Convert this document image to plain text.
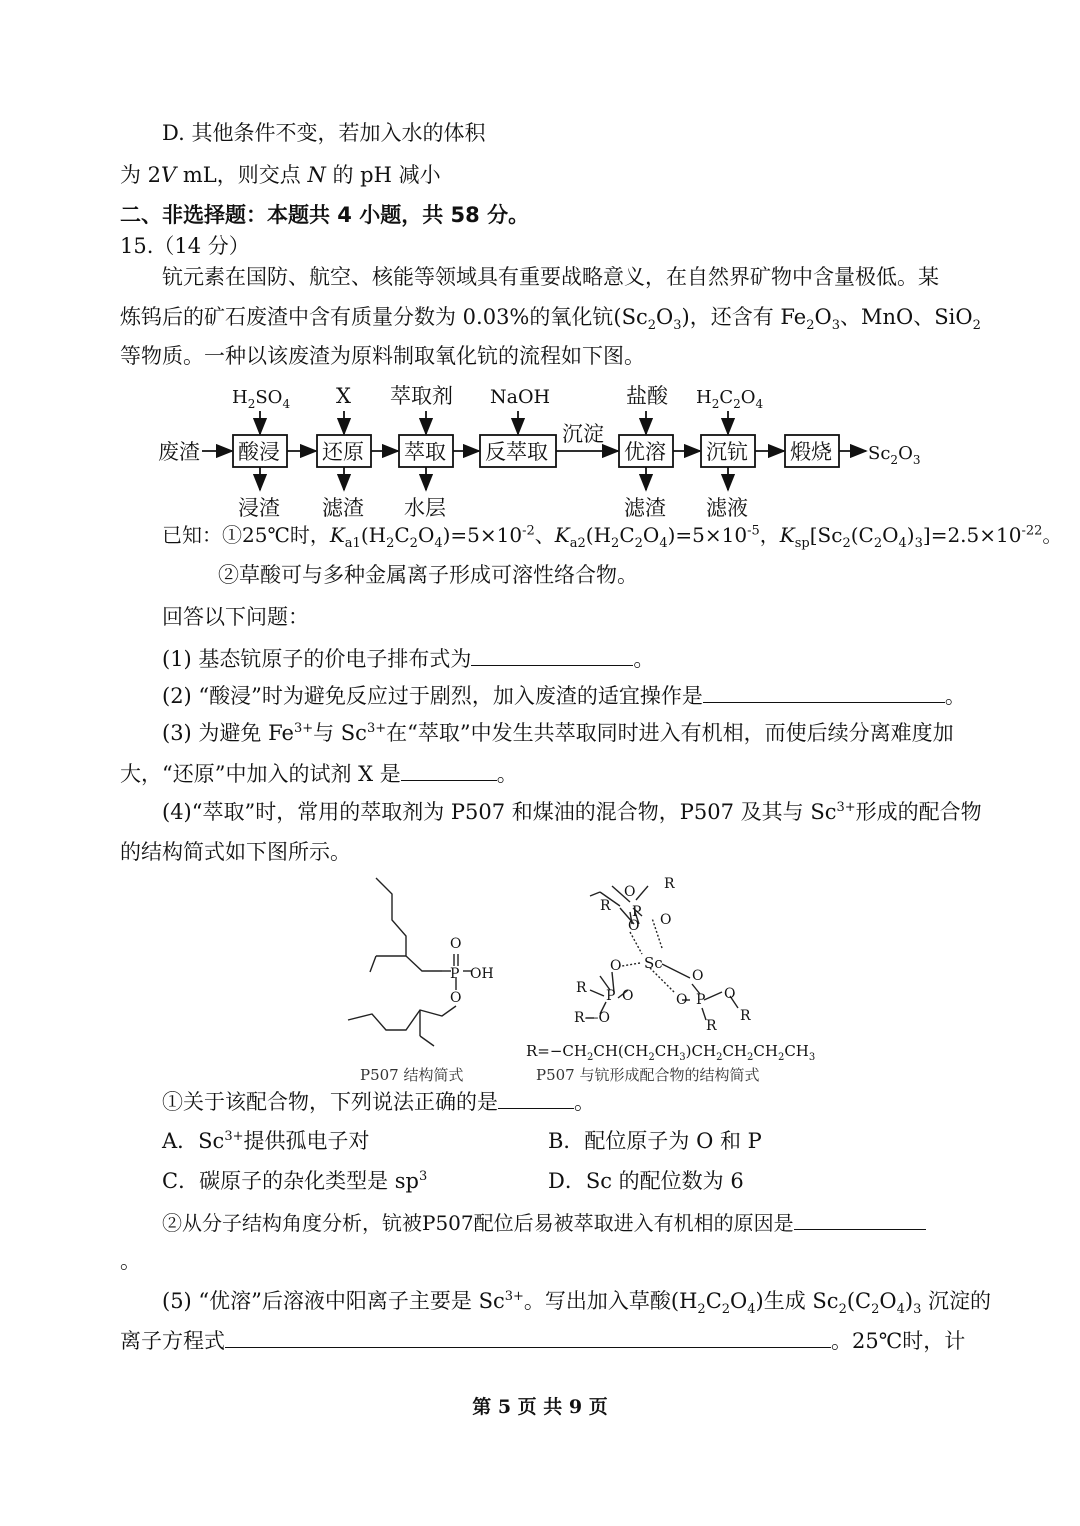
D. 其他条件不变，若加入水的体积
为 2V mL，则交点 N 的 pH 减小
二、非选择题：本题共 4 小题，共 58 分。
15.（14 分）
钪元素在国防、航空、核能等领域具有重要战略意义，在自然界矿物中含量极低。某
炼钨后的矿石废渣中含有质量分数为 0.03%的氧化钪$(Sc_2O_3)$，还含有 $Fe_2O_3$、MnO、SiO$_2$
等物质。一种以该废渣为原料制取氧化钪的流程如下图。
废渣
$H_2SO_4$ X 萃取剂 NaOH	盐酸 $H_2C_2O_4$
酸浸 还原 萃取 反萃取
沉淀
优溶 沉钪 煅烧 $Sc_2O_3$
浸渣 滤渣 水层	滤渣 滤液
已知：①25℃时，$K_{a1}(H_2C_2O_4)=5\times 10^{-2}$、$K_{a2}(H_2C_2O_4)=5\times 10^{-5}$，$K_{sp}[Sc_2(C_2O_4)_3]=2.5\times 10^{-22}$。
②草酸可与多种金属离子形成可溶性络合物。
回答以下问题：
(1) 基态钪原子的价电子排布式为	。
(2) “酸浸”时为避免反应过于剧烈，加入废渣的适宜操作是	。
(3) 为避免 $Fe^{3+}$与 $Sc^{3+}$在“萃取”中发生共萃取同时进入有机相，而使后续分离难度加
大，“还原”中加入的试剂 X 是	。
(4)“萃取”时，常用的萃取剂为 P507 和煤油的混合物，P507 及其与 $Sc^{3+}$形成的配合物
的结构简式如下图所示。
O
P OH
O
O R
R P O
O
Sc
O
O
R P O	O P O
R
R—O	R
$R=-CH_2CH(CH_2CH_3)CH_2CH_2CH_2CH_3$
P507 结构简式	P507 与钪形成配合物的结构简式
①关于该配合物，下列说法正确的是	。
A．$Sc^{3+}$提供孤电子对	B．配位原子为 O 和 P
C．碳原子的杂化类型是 $sp^3$	D．Sc 的配位数为 6
②从分子结构角度分析，钪被P507配位后易被萃取进入有机相的原因是
。
(5) “优溶”后溶液中阳离子主要是 $Sc^{3+}$。写出加入草酸$(H_2C_2O_4)$生成 $Sc_2(C_2O_4)_3$ 沉淀的
离子方程式	。25℃时，计
第 5 页 共 9 页
